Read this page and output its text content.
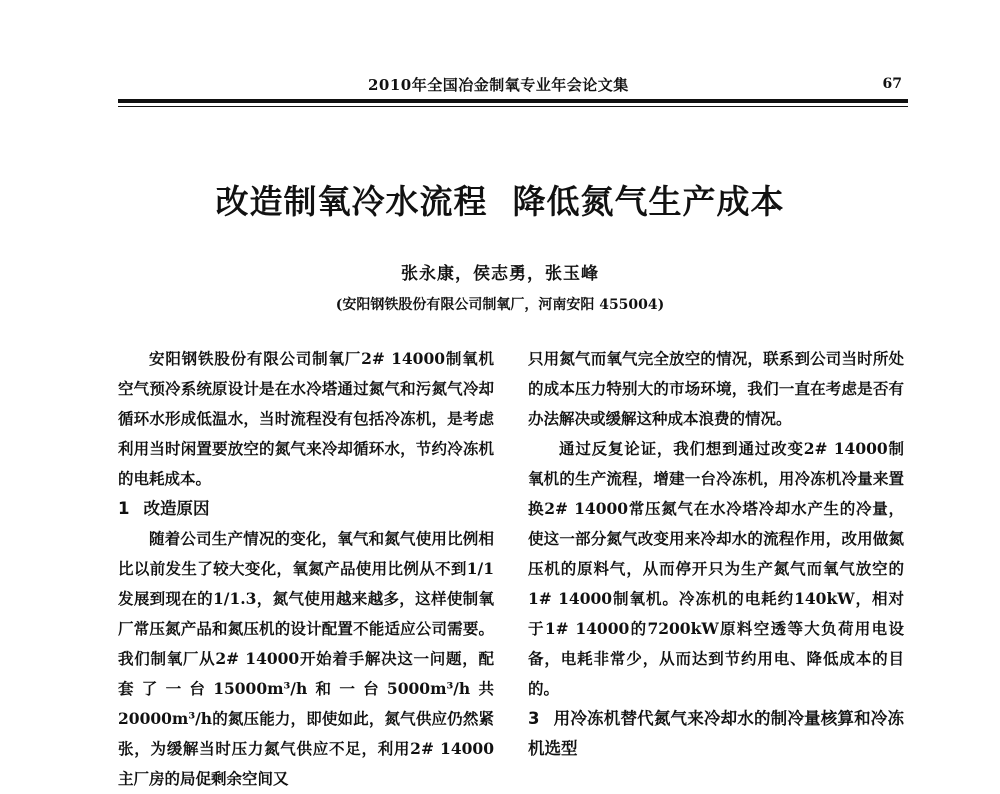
2010年全国冶金制氧专业年会论文集	67
改造制氧冷水流程  降低氮气生产成本
张永康，侯志勇，张玉峰
(安阳钢铁股份有限公司制氧厂，河南安阳 455004)

安阳钢铁股份有限公司制氧厂2# 14000制氧机空气预冷系统原设计是在水冷塔通过氮气和污氮气冷却循环水形成低温水，当时流程没有包括冷冻机，是考虑利用当时闲置要放空的氮气来冷却循环水，节约冷冻机的电耗成本。

1 改造原因

随着公司生产情况的变化，氧气和氮气使用比例相比以前发生了较大变化，氧氮产品使用比例从不到1/1发展到现在的1/1.3，氮气使用越来越多，这样使制氧厂常压氮产品和氮压机的设计配置不能适应公司需要。我们制氧厂从2# 14000开始着手解决这一问题，配套了一台15000m³/h和一台5000m³/h共20000m³/h的氮压能力，即使如此，氮气供应仍然紧张，为缓解当时压力氮气供应不足，利用2# 14000主厂房的局促剩余空间又

只用氮气而氧气完全放空的情况，联系到公司当时所处的成本压力特别大的市场环境，我们一直在考虑是否有办法解决或缓解这种成本浪费的情况。

通过反复论证，我们想到通过改变2# 14000制氧机的生产流程，增建一台冷冻机，用冷冻机冷量来置换2# 14000常压氮气在水冷塔冷却水产生的冷量，使这一部分氮气改变用来冷却水的流程作用，改用做氮压机的原料气，从而停开只为生产氮气而氧气放空的1# 14000制氧机。冷冻机的电耗约140kW，相对于1# 14000的7200kW原料空透等大负荷用电设备，电耗非常少，从而达到节约用电、降低成本的目的。

3 用冷冻机替代氮气来冷却水的制冷量核算和冷冻机选型
